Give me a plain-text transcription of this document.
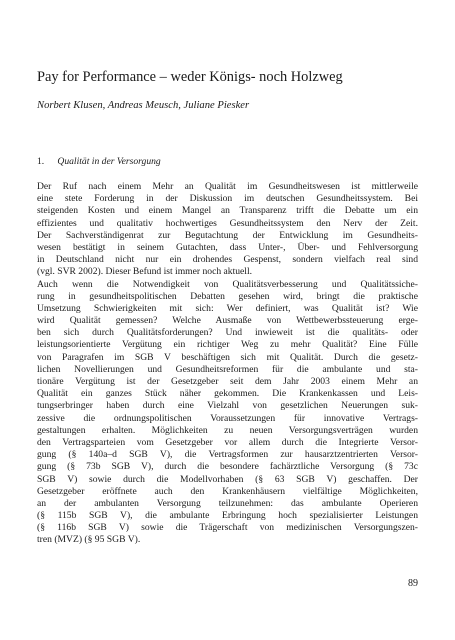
Pay for Performance – weder Königs- noch Holzweg
Norbert Klusen, Andreas Meusch, Juliane Piesker
1. Qualität in der Versorgung
Der Ruf nach einem Mehr an Qualität im Gesundheitswesen ist mittlerweile
eine stete Forderung in der Diskussion im deutschen Gesundheitssystem. Bei
steigenden Kosten und einem Mangel an Transparenz trifft die Debatte um ein
effizientes und qualitativ hochwertiges Gesundheitssystem den Nerv der Zeit.
Der Sachverständigenrat zur Begutachtung der Entwicklung im Gesundheits-
wesen bestätigt in seinem Gutachten, dass Unter-, Über- und Fehlversorgung
in Deutschland nicht nur ein drohendes Gespenst, sondern vielfach real sind
(vgl. SVR 2002). Dieser Befund ist immer noch aktuell.
Auch wenn die Notwendigkeit von Qualitätsverbesserung und Qualitätssiche-
rung in gesundheitspolitischen Debatten gesehen wird, bringt die praktische
Umsetzung Schwierigkeiten mit sich: Wer definiert, was Qualität ist? Wie
wird Qualität gemessen? Welche Ausmaße von Wettbewerbssteuerung erge-
ben sich durch Qualitätsforderungen? Und inwieweit ist die qualitäts- oder
leistungsorientierte Vergütung ein richtiger Weg zu mehr Qualität? Eine Fülle
von Paragrafen im SGB V beschäftigen sich mit Qualität. Durch die gesetz-
lichen Novellierungen und Gesundheitsreformen für die ambulante und sta-
tionäre Vergütung ist der Gesetzgeber seit dem Jahr 2003 einem Mehr an
Qualität ein ganzes Stück näher gekommen. Die Krankenkassen und Leis-
tungserbringer haben durch eine Vielzahl von gesetzlichen Neuerungen suk-
zessive die ordnungspolitischen Voraussetzungen für innovative Vertrags-
gestaltungen erhalten. Möglichkeiten zu neuen Versorgungsverträgen wurden
den Vertragsparteien vom Gesetzgeber vor allem durch die Integrierte Versor-
gung (§ 140a–d SGB V), die Vertragsformen zur hausarztzentrierten Versor-
gung (§ 73b SGB V), durch die besondere fachärztliche Versorgung (§ 73c
SGB V) sowie durch die Modellvorhaben (§ 63 SGB V) geschaffen. Der
Gesetzgeber eröffnete auch den Krankenhäusern vielfältige Möglichkeiten,
an der ambulanten Versorgung teilzunehmen: das ambulante Operieren
(§ 115b SGB V), die ambulante Erbringung hoch spezialisierter Leistungen
(§ 116b SGB V) sowie die Trägerschaft von medizinischen Versorgungszen-
tren (MVZ) (§ 95 SGB V).
89
